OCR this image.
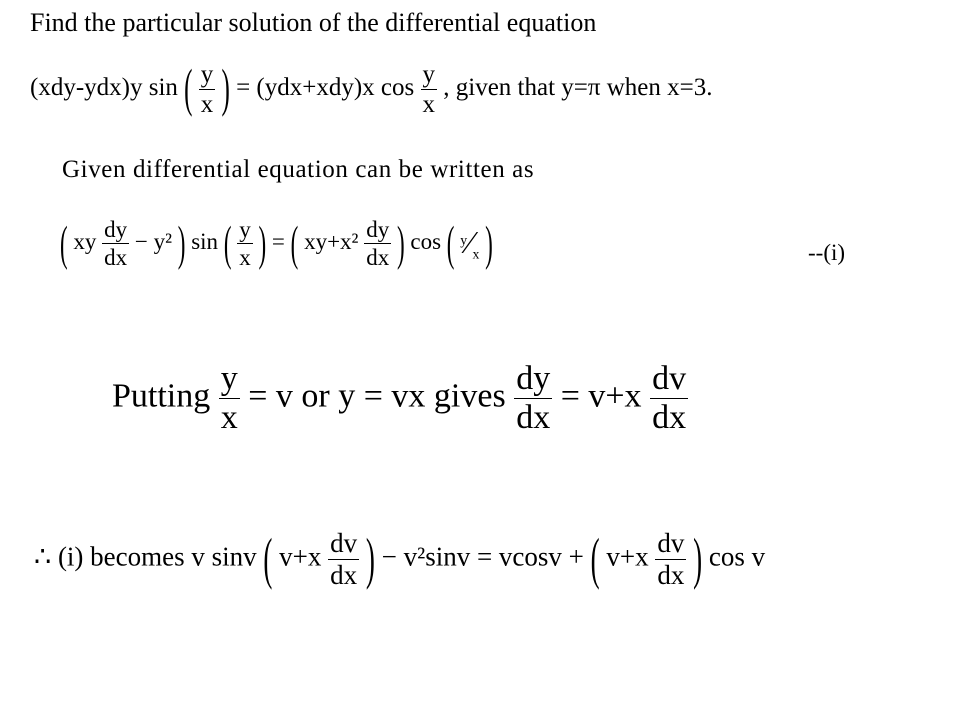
Find the particular solution of the differential equation
(xdy-ydx)y sin ( $\frac{y}{x}$ ) = (ydx+xdy)x $\cos \frac{y}{x}$ , given that y=π when x=3.
Given differential equation can be written as
( xy $\frac{dy}{dx} - y^2$ ) sin ( $\frac{y}{x}$ ) = ( $xy+x^2 \frac{dy}{dx}$ ) cos ( $^y⁄_x$ )	--(i)
Putting $\frac{y}{x} = v$ or y = vx gives $\frac{dy}{dx} = v+x \frac{dv}{dx}$
∴ (i) becomes v sinv ( $v+x \frac{dv}{dx}$ ) − v²sinv = vcosv + ( $v+x \frac{dv}{dx}$ ) cos v
